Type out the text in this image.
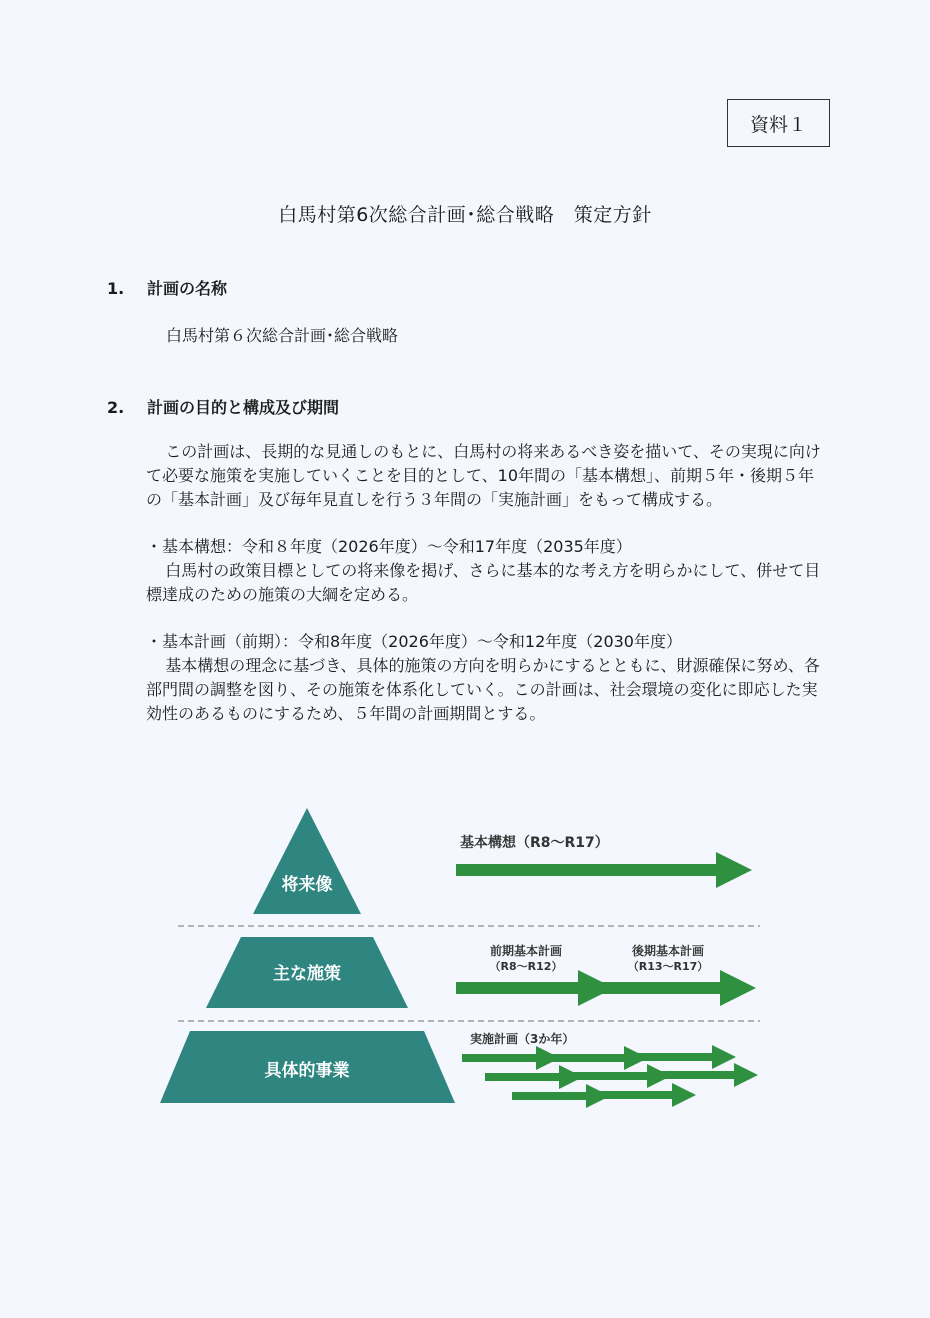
資料１
白馬村第6次総合計画･総合戦略　策定方針
1. 計画の名称
白馬村第６次総合計画･総合戦略
2. 計画の目的と構成及び期間

この計画は、長期的な見通しのもとに、白馬村の将来あるべき姿を描いて、その実現に向けて必要な施策を実施していくことを目的として、10年間の「基本構想」、前期５年・後期５年の「基本計画」及び毎年見直しを行う３年間の「実施計画」をもって構成する。

・基本構想：令和８年度（2026年度）～令和17年度（2035年度）

白馬村の政策目標としての将来像を掲げ、さらに基本的な考え方を明らかにして、併せて目標達成のための施策の大綱を定める。

・基本計画（前期）：令和8年度（2026年度）～令和12年度（2030年度）

基本構想の理念に基づき、具体的施策の方向を明らかにするとともに、財源確保に努め、各部門間の調整を図り、その施策を体系化していく。この計画は、社会環境の変化に即応した実効性のあるものにするため、５年間の計画期間とする。

将来像
主な施策
具体的事業
基本構想（R8～R17）
前期基本計画
（R8～R12）
後期基本計画
（R13～R17）
実施計画（3か年）
